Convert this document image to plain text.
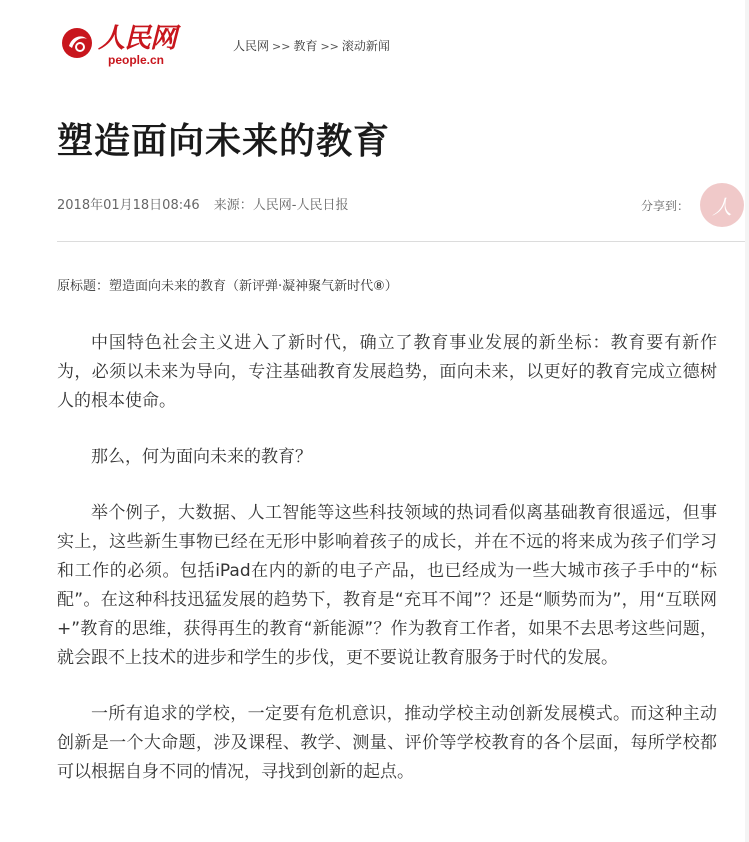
人民网
people.cn
人民网 >> 教育 >> 滚动新闻
塑造面向未来的教育
2018年01月18日08:46 来源：人民网-人民日报	分享到： 人
原标题：塑造面向未来的教育（新评弹·凝神聚气新时代⑧）

中国特色社会主义进入了新时代，确立了教育事业发展的新坐标：教育要有新作为，必须以未来为导向，专注基础教育发展趋势，面向未来，以更好的教育完成立德树人的根本使命。

那么，何为面向未来的教育？

举个例子，大数据、人工智能等这些科技领域的热词看似离基础教育很遥远，但事实上，这些新生事物已经在无形中影响着孩子的成长，并在不远的将来成为孩子们学习和工作的必须。包括iPad在内的新的电子产品，也已经成为一些大城市孩子手中的“标配”。在这种科技迅猛发展的趋势下，教育是“充耳不闻”？还是“顺势而为”，用“互联网+”教育的思维，获得再生的教育“新能源”？作为教育工作者，如果不去思考这些问题，就会跟不上技术的进步和学生的步伐，更不要说让教育服务于时代的发展。

一所有追求的学校，一定要有危机意识，推动学校主动创新发展模式。而这种主动创新是一个大命题，涉及课程、教学、测量、评价等学校教育的各个层面，每所学校都可以根据自身不同的情况，寻找到创新的起点。
